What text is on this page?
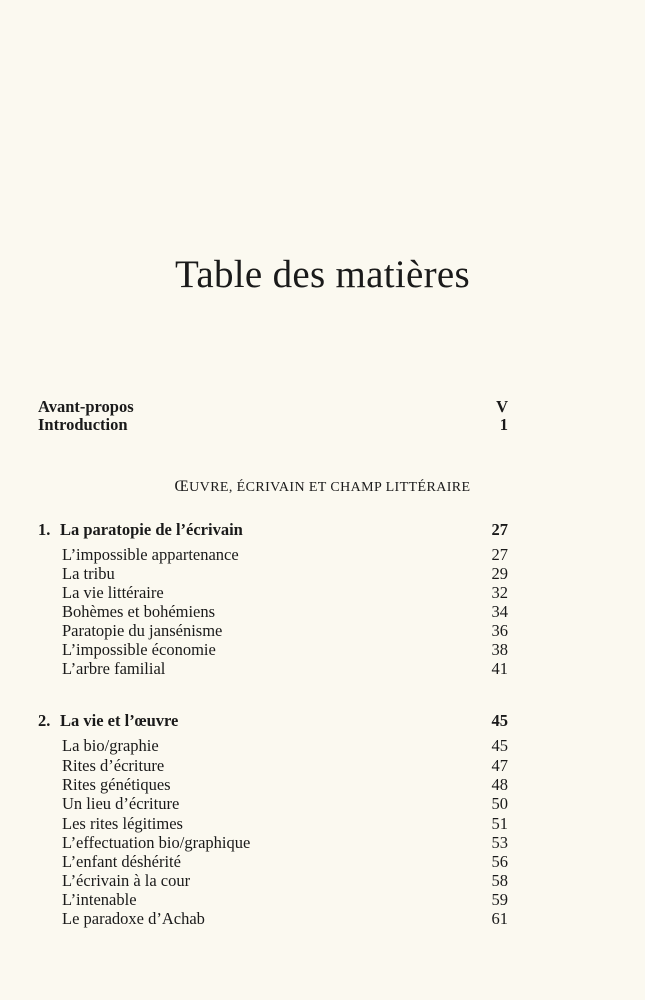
Table des matières
Avant-propos	V
Introduction	1
ŒUVRE, ÉCRIVAIN ET CHAMP LITTÉRAIRE
1. La paratopie de l’écrivain	27
L’impossible appartenance	27
La tribu	29
La vie littéraire	32
Bohèmes et bohémiens	34
Paratopie du jansénisme	36
L’impossible économie	38
L’arbre familial	41
2. La vie et l’œuvre	45
La bio/graphie	45
Rites d’écriture	47
Rites génétiques	48
Un lieu d’écriture	50
Les rites légitimes	51
L’effectuation bio/graphique	53
L’enfant déshérité	56
L’écrivain à la cour	58
L’intenable	59
Le paradoxe d’Achab	61
